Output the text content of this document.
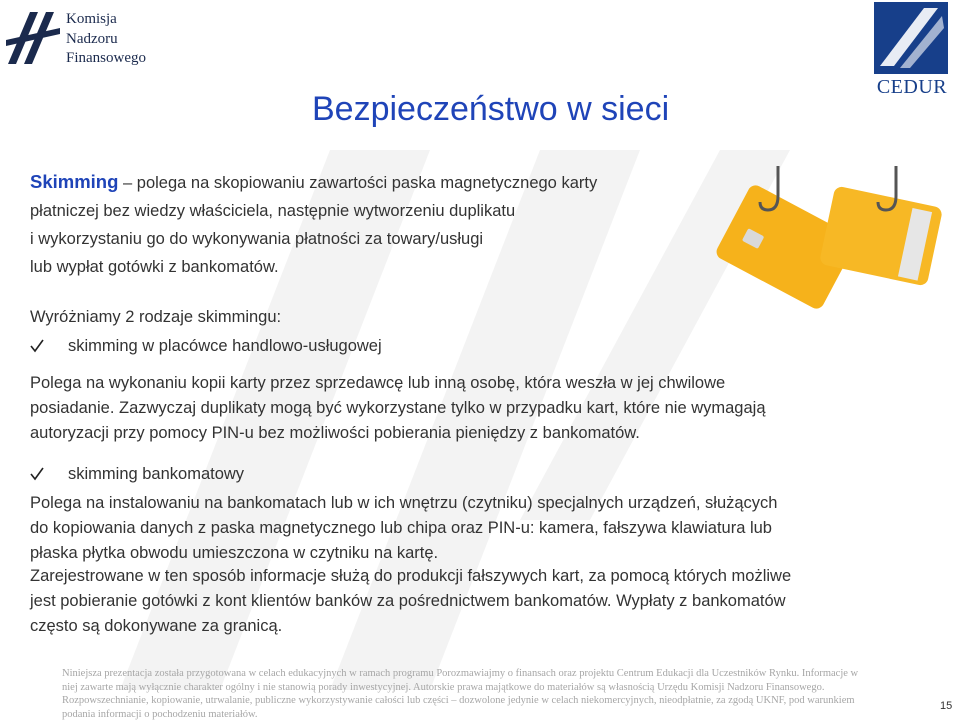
Komisja
Nadzoru
Finansowego
CEDUR
Bezpieczeństwo w sieci
Skimming – polega na skopiowaniu zawartości paska magnetycznego karty
płatniczej bez wiedzy właściciela, następnie wytworzeniu duplikatu
i wykorzystaniu go do wykonywania płatności za towary/usługi
lub wypłat gotówki z bankomatów.
Wyróżniamy 2 rodzaje skimmingu:
skimming w placówce handlowo-usługowej
Polega na wykonaniu kopii karty przez sprzedawcę lub inną osobę, która weszła w jej chwilowe
posiadanie. Zazwyczaj duplikaty mogą być wykorzystane tylko w przypadku kart, które nie wymagają
autoryzacji przy pomocy PIN-u bez możliwości pobierania pieniędzy z bankomatów.
skimming bankomatowy
Polega na instalowaniu na bankomatach lub w ich wnętrzu (czytniku) specjalnych urządzeń, służących
do kopiowania danych z paska magnetycznego lub chipa oraz PIN-u: kamera, fałszywa klawiatura lub
płaska płytka obwodu umieszczona w czytniku na kartę.
Zarejestrowane w ten sposób informacje służą do produkcji fałszywych kart, za pomocą których możliwe
jest pobieranie gotówki z kont klientów banków za pośrednictwem bankomatów. Wypłaty z bankomatów
często są dokonywane za granicą.
Niniejsza prezentacja została przygotowana w celach edukacyjnych w ramach programu Porozmawiajmy o finansach oraz projektu Centrum Edukacji dla Uczestników Rynku. Informacje w
niej zawarte mają wyłącznie charakter ogólny i nie stanowią porady inwestycyjnej. Autorskie prawa majątkowe do materiałów są własnością Urzędu Komisji Nadzoru Finansowego.
Rozpowszechnianie, kopiowanie, utrwalanie, publiczne wykorzystywanie całości lub części – dozwolone jedynie w celach niekomercyjnych, nieodpłatnie, za zgodą UKNF, pod warunkiem
podania informacji o pochodzeniu materiałów.
15
